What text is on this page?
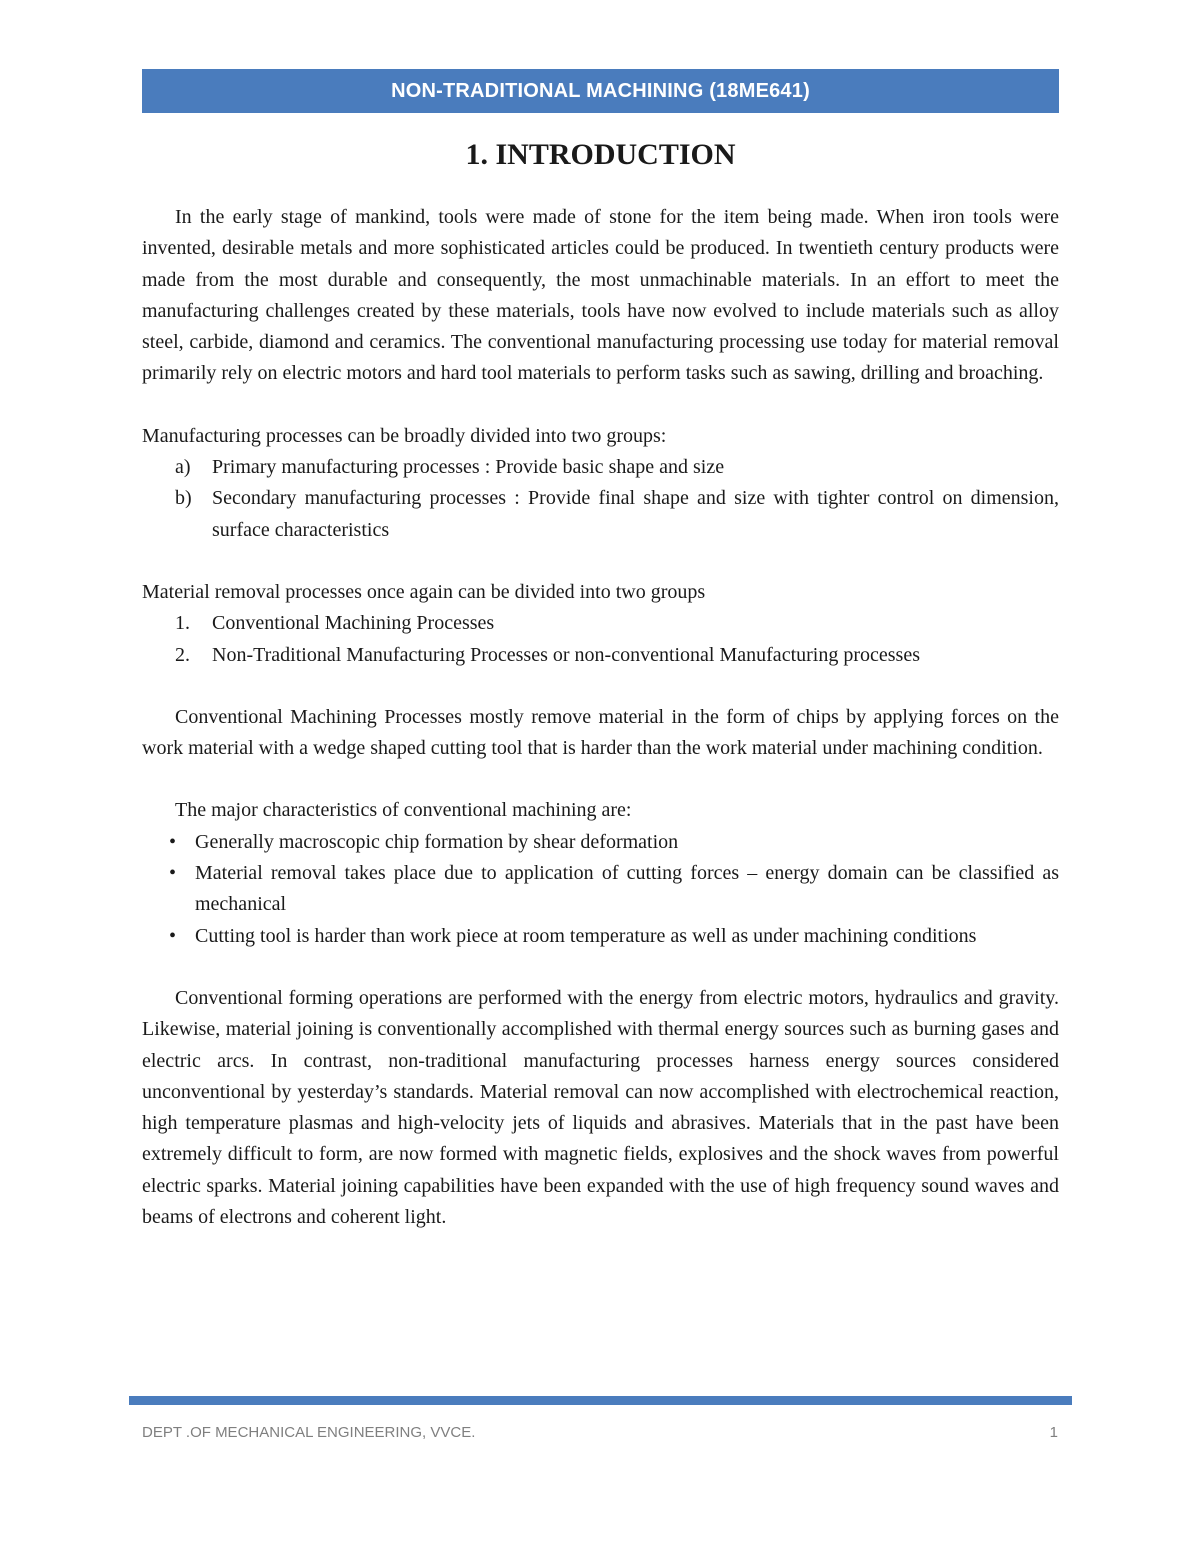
NON-TRADITIONAL MACHINING (18ME641)
1. INTRODUCTION

In the early stage of mankind, tools were made of stone for the item being made. When iron tools were invented, desirable metals and more sophisticated articles could be produced. In twentieth century products were made from the most durable and consequently, the most unmachinable materials. In an effort to meet the manufacturing challenges created by these materials, tools have now evolved to include materials such as alloy steel, carbide, diamond and ceramics. The conventional manufacturing processing use today for material removal primarily rely on electric motors and hard tool materials to perform tasks such as sawing, drilling and broaching.

Manufacturing processes can be broadly divided into two groups:

a) Primary manufacturing processes : Provide basic shape and size
b) Secondary manufacturing processes : Provide final shape and size with tighter control on dimension, surface characteristics

Material removal processes once again can be divided into two groups

1. Conventional Machining Processes
2. Non-Traditional Manufacturing Processes or non-conventional Manufacturing processes

Conventional Machining Processes mostly remove material in the form of chips by applying forces on the work material with a wedge shaped cutting tool that is harder than the work material under machining condition.

The major characteristics of conventional machining are:

• Generally macroscopic chip formation by shear deformation
• Material removal takes place due to application of cutting forces – energy domain can be classified as mechanical
• Cutting tool is harder than work piece at room temperature as well as under machining conditions

Conventional forming operations are performed with the energy from electric motors, hydraulics and gravity. Likewise, material joining is conventionally accomplished with thermal energy sources such as burning gases and electric arcs. In contrast, non-traditional manufacturing processes harness energy sources considered unconventional by yesterday’s standards. Material removal can now accomplished with electrochemical reaction, high temperature plasmas and high-velocity jets of liquids and abrasives. Materials that in the past have been extremely difficult to form, are now formed with magnetic fields, explosives and the shock waves from powerful electric sparks. Material joining capabilities have been expanded with the use of high frequency sound waves and beams of electrons and coherent light.

DEPT .OF MECHANICAL ENGINEERING, VVCE.	1
